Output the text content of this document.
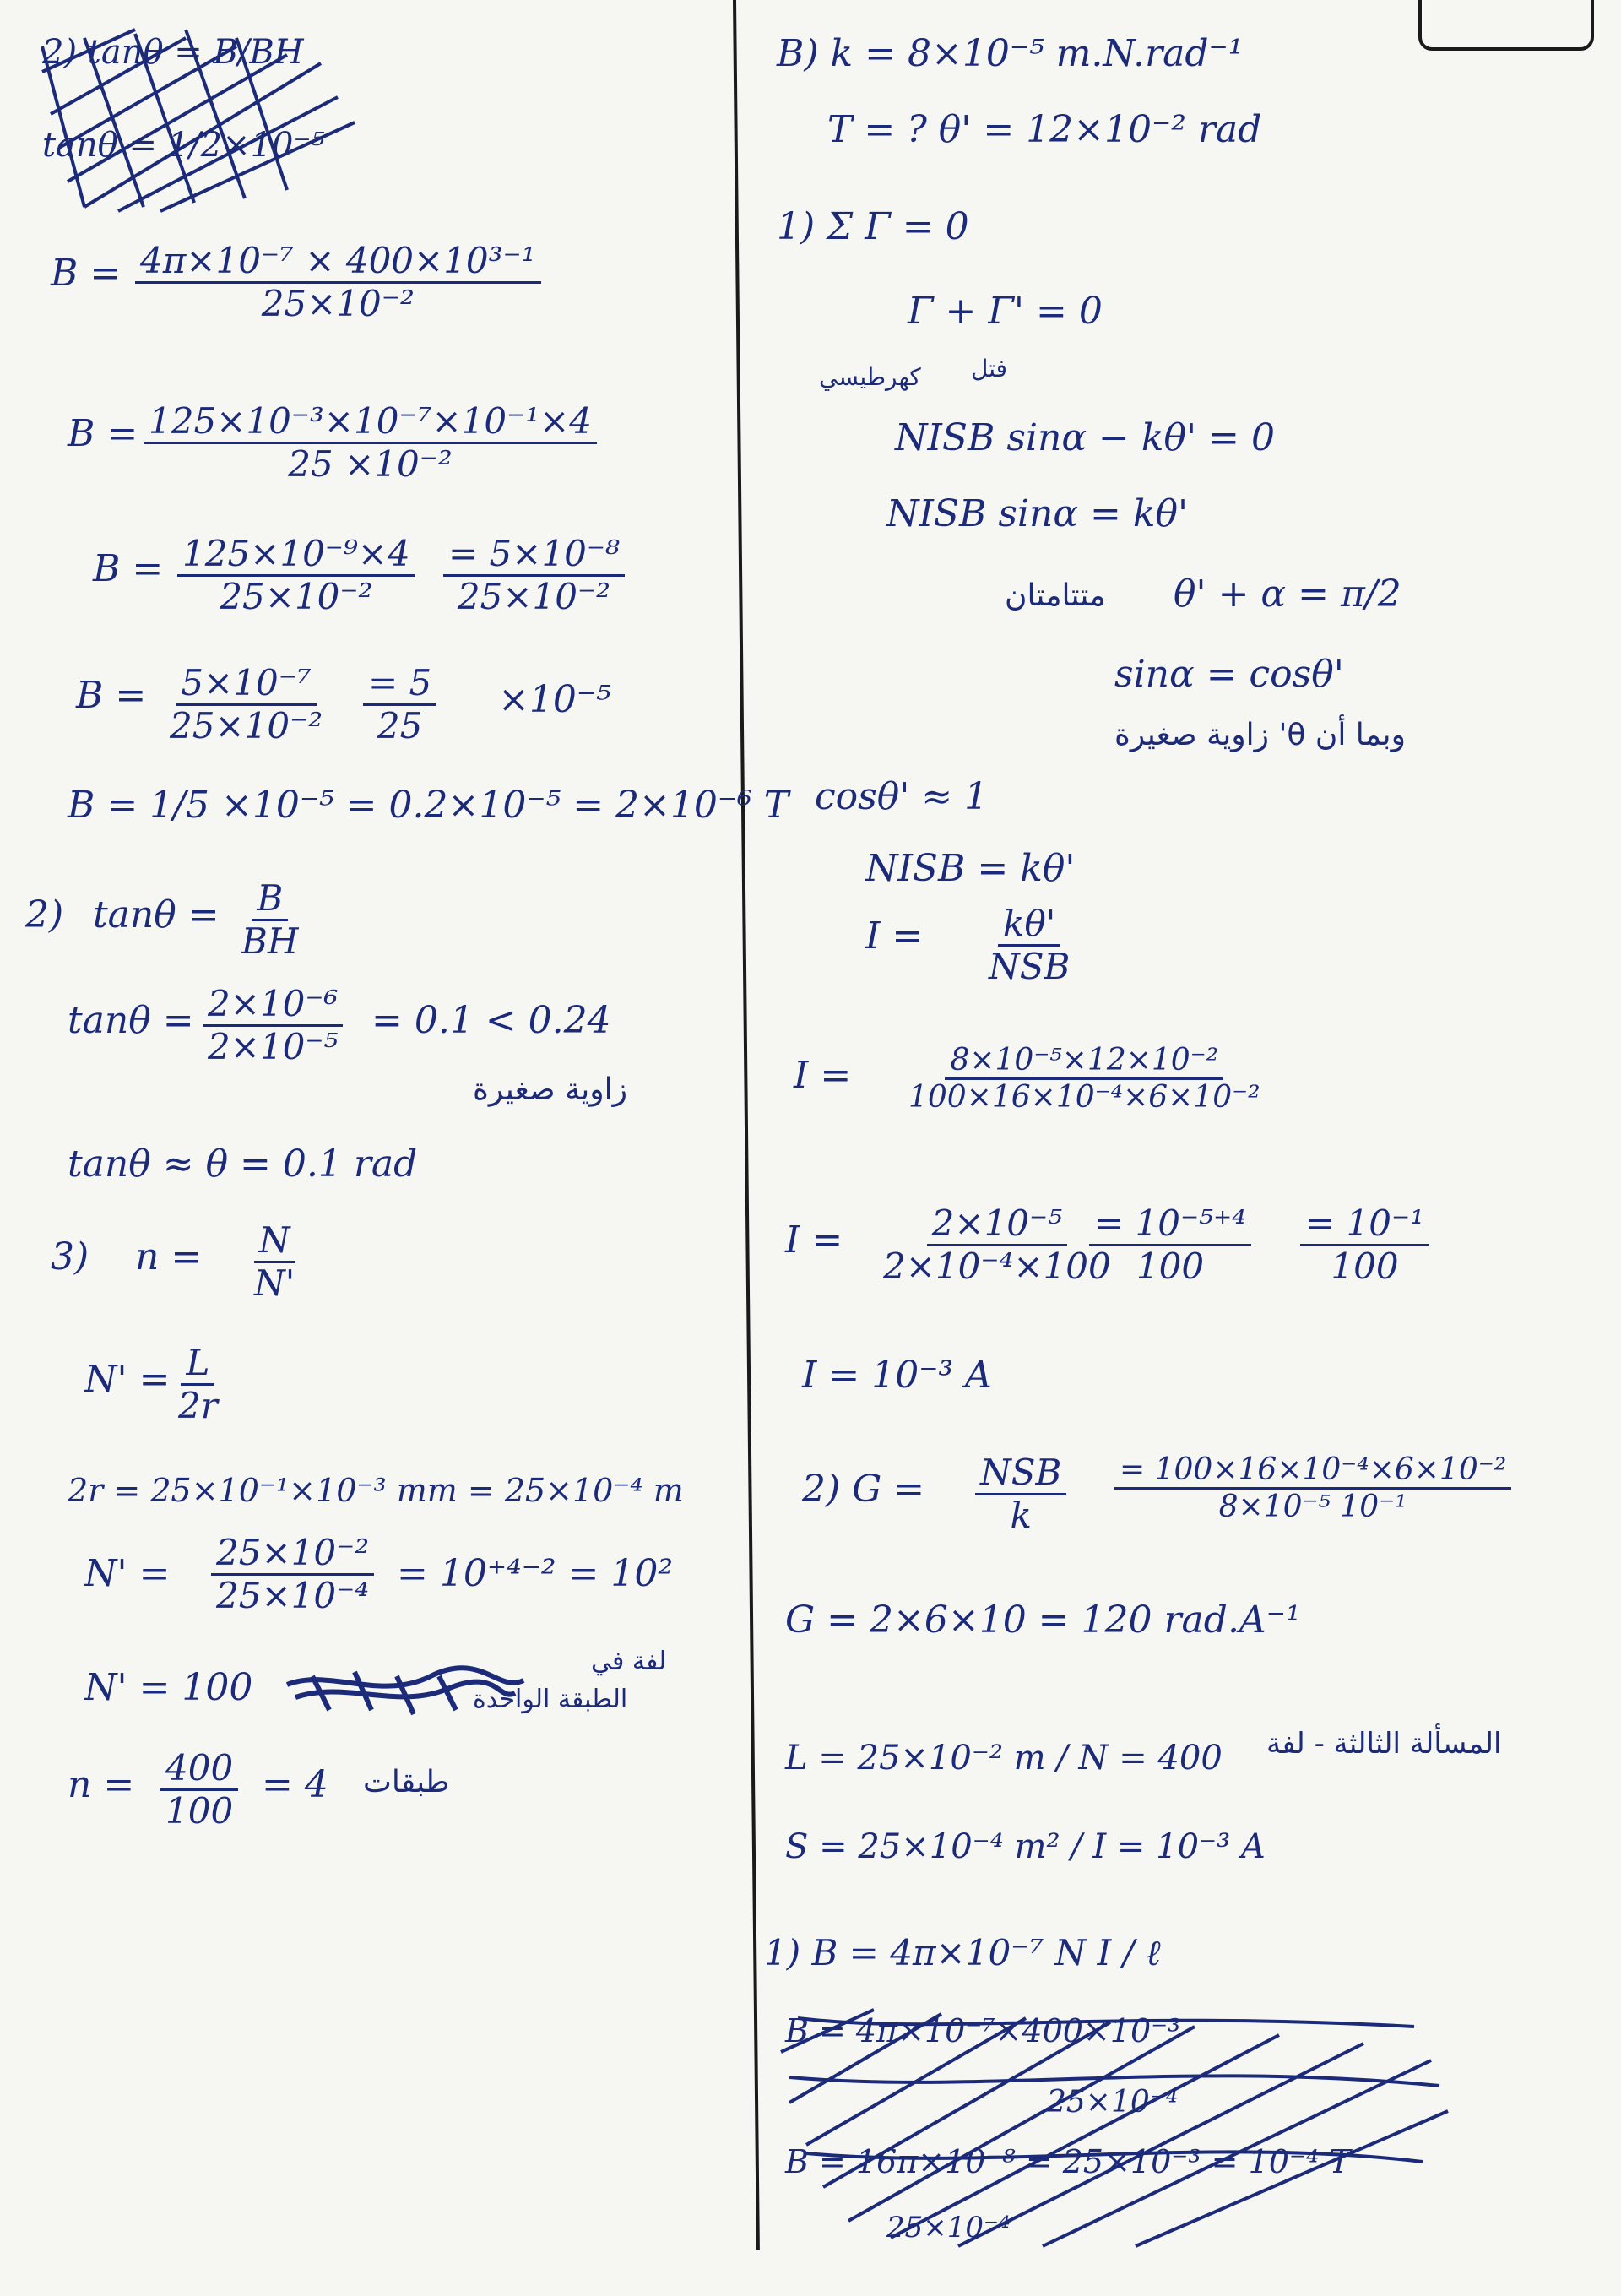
2) tanθ = B/BH
tanθ = 1/2×10⁻⁵
$B = \frac{\text{4π×10⁻⁷ × 400×10³⁻¹}}{\text{25×10⁻²}}$
$B = \frac{\text{125×10⁻³×10⁻⁷×10⁻¹×4}}{\text{25 ×10⁻²}}$
$B = \frac{\text{125×10⁻⁹×4}}{\text{25×10⁻²}} \frac{\text{= 5×10⁻⁸}}{\text{25×10⁻²}}$
$B = \frac{\text{5×10⁻⁷}}{\text{25×10⁻²}} \frac{= 5}{25} \times 10^{-5}$
B = 1/5 ×10⁻⁵ = 0.2×10⁻⁵ = 2×10⁻⁶ T
2) $\tan\theta = \frac{B}{BH}$
$\tan\theta = \frac{\text{2×10⁻⁶}}{\text{2×10⁻⁵}} = 0.1 < 0.24$
زاوية صغيرة
tanθ ≈ θ = 0.1 rad
3) $n = \frac{N}{N'}$
$N' = \frac{L}{2r}$
2r = 25×10⁻¹×10⁻³ mm = 25×10⁻⁴ m
$N' = \frac{\text{25×10⁻²}}{\text{25×10⁻⁴}} = 10^{+4-2} = 10^2$
N' = 100
لفة في
الطبقة الواحدة
$n = \frac{400}{100} = 4$ طبقات
B) k = 8×10⁻⁵ m.N.rad⁻¹
T = ? θ' = 12×10⁻² rad
1) Σ Γ = 0
Γ + Γ' = 0
كهرطيسي فتل
NISB sinα − kθ' = 0
NISB sinα = kθ'
متتامتان θ' + α = π/2
sinα = cosθ'
وبما أن θ' زاوية صغيرة
cosθ' ≈ 1
NISB = kθ'
I = kθ'
NSB
$I = \frac{\text{8×10⁻⁵×12×10⁻²}}{\text{100×16×10⁻⁴×6×10⁻²}}$
$I = \frac{\text{2×10⁻⁵}}{\text{2×10⁻⁴×100}}$
$\frac{\text{= 10⁻⁵⁺⁴}}{100} \frac{\text{= 10⁻¹}}{100}$
I = 10⁻³ A
2) G = NSB
k	$\frac{\text{= 100×16×10⁻⁴×6×10⁻²}}{\text{8×10⁻⁵ 10⁻¹}}$
G = 2×6×10 = 120 rad.A⁻¹
L = 25×10⁻² m / N = 400 المسألة الثالثة - لفة
S = 25×10⁻⁴ m² / I = 10⁻³ A
1) B = 4π×10⁻⁷ N I / ℓ
B = 4π×10⁻⁷×400×10⁻³
25×10⁻⁴
B = 16π×10⁻⁸ = 25×10⁻³ = 10⁻⁴ T
25×10⁻⁴
